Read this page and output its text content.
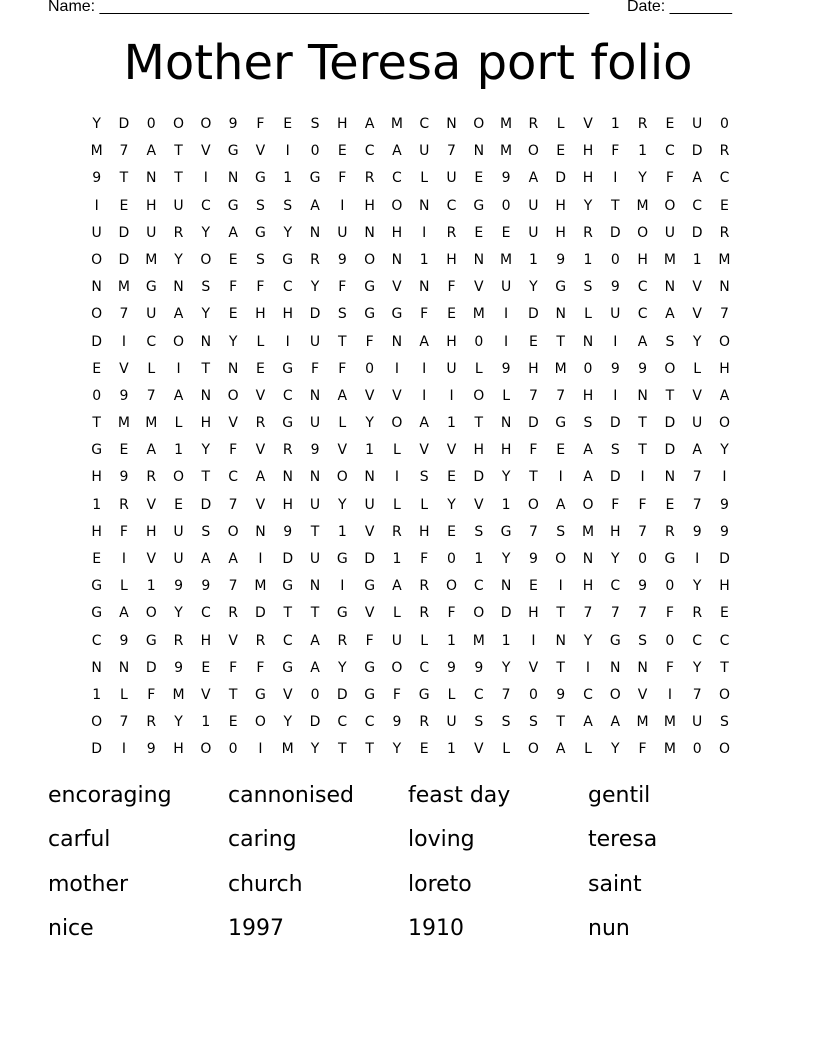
Name: _______________________________________________________ Date: _______
Mother Teresa port folio
Y	D	0	O	O	9	F	E	S	H	A	M	C	N	O	M	R	L	V	1	R	E	U	0
M	7	A	T	V	G	V	I	0	E	C	A	U	7	N	M	O	E	H	F	1	C	D	R
9	T	N	T	I	N	G	1	G	F	R	C	L	U	E	9	A	D	H	I	Y	F	A	C
I	E	H	U	C	G	S	S	A	I	H	O	N	C	G	0	U	H	Y	T	M	O	C	E
U	D	U	R	Y	A	G	Y	N	U	N	H	I	R	E	E	U	H	R	D	O	U	D	R
O	D	M	Y	O	E	S	G	R	9	O	N	1	H	N	M	1	9	1	0	H	M	1	M
N	M	G	N	S	F	F	C	Y	F	G	V	N	F	V	U	Y	G	S	9	C	N	V	N
O	7	U	A	Y	E	H	H	D	S	G	G	F	E	M	I	D	N	L	U	C	A	V	7
D	I	C	O	N	Y	L	I	U	T	F	N	A	H	0	I	E	T	N	I	A	S	Y	O
E	V	L	I	T	N	E	G	F	F	0	I	I	U	L	9	H	M	0	9	9	O	L	H
0	9	7	A	N	O	V	C	N	A	V	V	I	I	O	L	7	7	H	I	N	T	V	A
T	M	M	L	H	V	R	G	U	L	Y	O	A	1	T	N	D	G	S	D	T	D	U	O
G	E	A	1	Y	F	V	R	9	V	1	L	V	V	H	H	F	E	A	S	T	D	A	Y
H	9	R	O	T	C	A	N	N	O	N	I	S	E	D	Y	T	I	A	D	I	N	7	I
1	R	V	E	D	7	V	H	U	Y	U	L	L	Y	V	1	O	A	O	F	F	E	7	9
H	F	H	U	S	O	N	9	T	1	V	R	H	E	S	G	7	S	M	H	7	R	9	9
E	I	V	U	A	A	I	D	U	G	D	1	F	0	1	Y	9	O	N	Y	0	G	I	D
G	L	1	9	9	7	M	G	N	I	G	A	R	O	C	N	E	I	H	C	9	0	Y	H
G	A	O	Y	C	R	D	T	T	G	V	L	R	F	O	D	H	T	7	7	7	F	R	E
C	9	G	R	H	V	R	C	A	R	F	U	L	1	M	1	I	N	Y	G	S	0	C	C
N	N	D	9	E	F	F	G	A	Y	G	O	C	9	9	Y	V	T	I	N	N	F	Y	T
1	L	F	M	V	T	G	V	0	D	G	F	G	L	C	7	0	9	C	O	V	I	7	O
O	7	R	Y	1	E	O	Y	D	C	C	9	R	U	S	S	S	T	A	A	M	M	U	S
D	I	9	H	O	0	I	M	Y	T	T	Y	E	1	V	L	O	A	L	Y	F	M	0	O
encoraging	cannonised	feast day	gentil
carful	caring	loving	teresa
mother	church	loreto	saint
nice	1997	1910	nun
